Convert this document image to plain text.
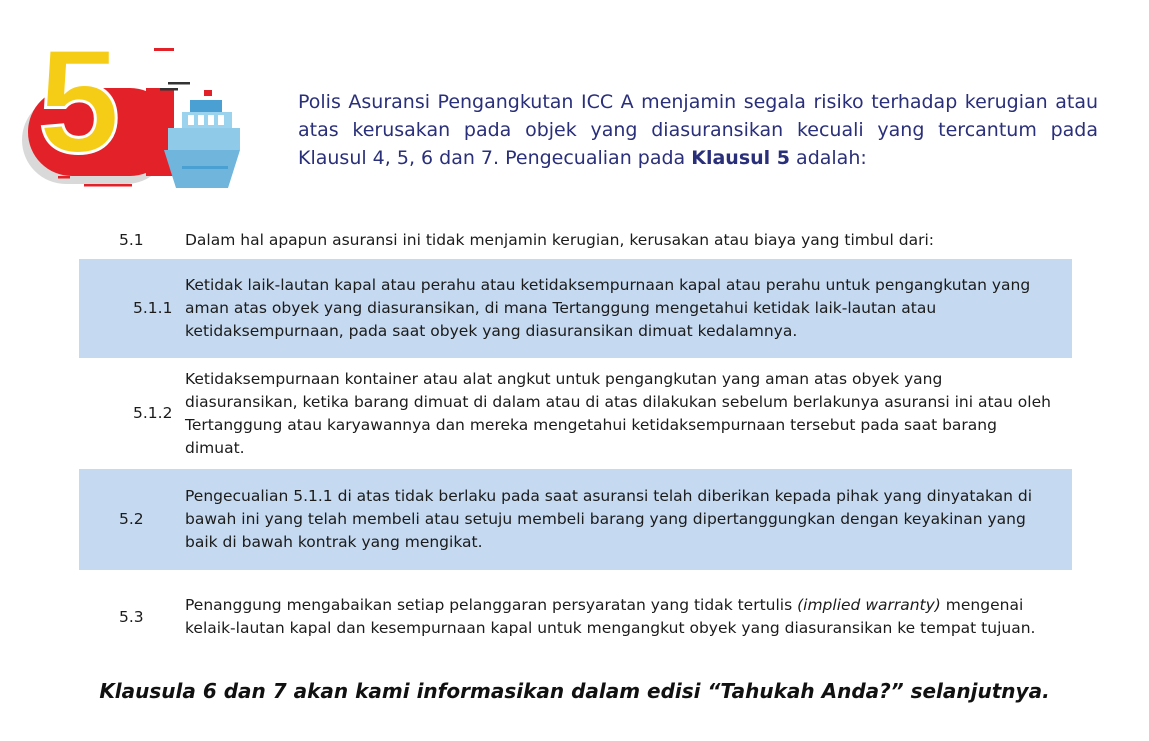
5	Polis Asuransi Pengangkutan ICC A menjamin segala risiko terhadap kerugian atau atas kerusakan pada objek yang diasuransikan kecuali yang tercantum pada Klausul 4, 5, 6 dan 7. Pengecualian pada Klausul 5 adalah:
5.1	Dalam hal apapun asuransi ini tidak menjamin kerugian, kerusakan atau biaya yang timbul dari:
5.1.1
Ketidak laik-lautan kapal atau perahu atau ketidaksempurnaan kapal atau perahu untuk pengangkutan yang aman atas obyek yang diasuransikan, di mana Tertanggung mengetahui ketidak laik-lautan atau ketidaksempurnaan, pada saat obyek yang diasuransikan dimuat kedalamnya.
5.1.2
Ketidaksempurnaan kontainer atau alat angkut untuk pengangkutan yang aman atas obyek yang diasuransikan, ketika barang dimuat di dalam atau di atas dilakukan sebelum berlakunya asuransi ini atau oleh Tertanggung atau karyawannya dan mereka mengetahui ketidaksempurnaan tersebut pada saat barang dimuat.
5.2
Pengecualian 5.1.1 di atas tidak berlaku pada saat asuransi telah diberikan kepada pihak yang dinyatakan di bawah ini yang telah membeli atau setuju membeli barang yang dipertanggungkan dengan keyakinan yang baik di bawah kontrak yang mengikat.
5.3
Penanggung mengabaikan setiap pelanggaran persyaratan yang tidak tertulis (implied warranty) mengenai kelaik-lautan kapal dan kesempurnaan kapal untuk mengangkut obyek yang diasuransikan ke tempat tujuan.
Klausula 6 dan 7 akan kami informasikan dalam edisi “Tahukah Anda?” selanjutnya.
